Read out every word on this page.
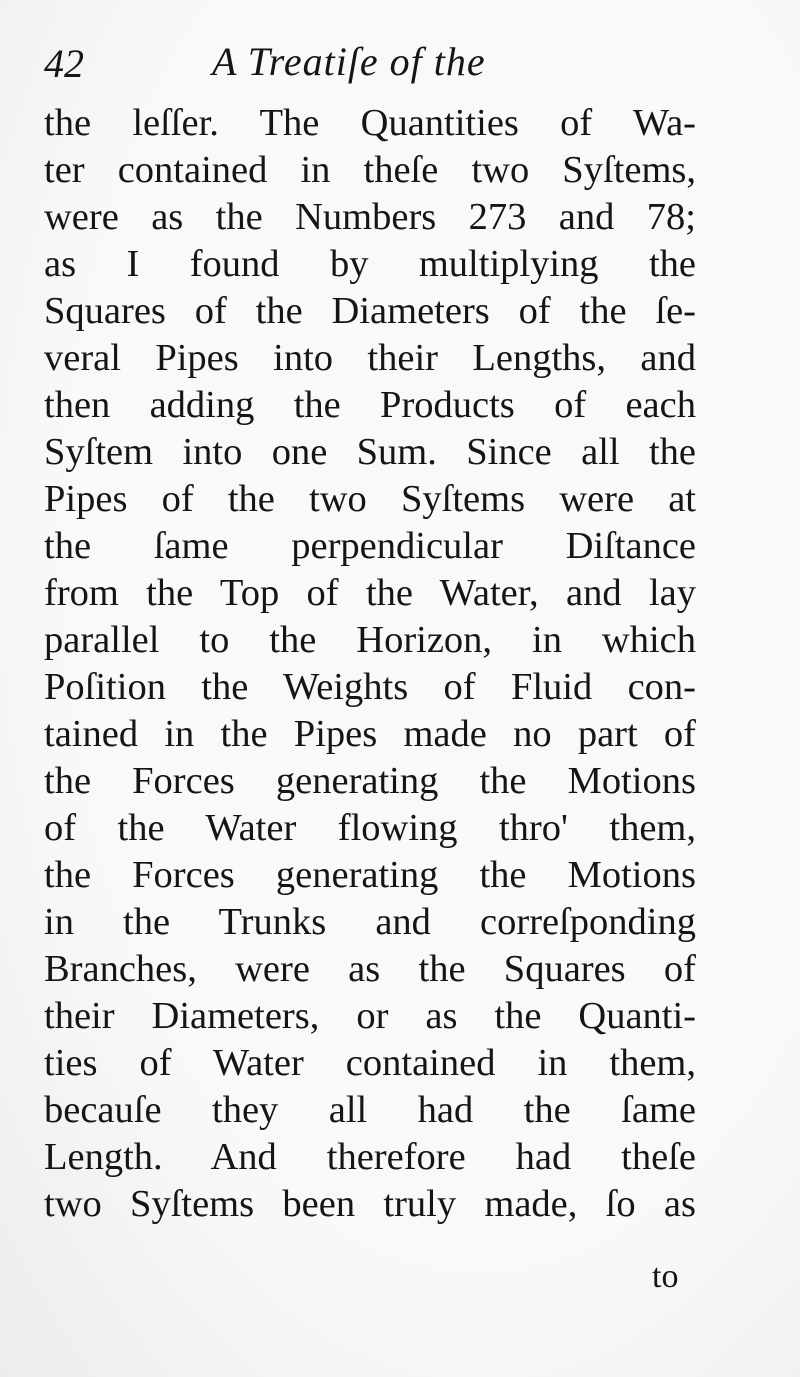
42	A Treatiſe of the
the leſſer. The Quantities of Wa-
ter contained in theſe two Syſtems,
were as the Numbers 273 and 78;
as I found by multiplying the
Squares of the Diameters of the ſe-
veral Pipes into their Lengths, and
then adding the Products of each
Syſtem into one Sum. Since all the
Pipes of the two Syſtems were at
the ſame perpendicular Diſtance
from the Top of the Water, and lay
parallel to the Horizon, in which
Poſition the Weights of Fluid con-
tained in the Pipes made no part of
the Forces generating the Motions
of the Water flowing thro' them,
the Forces generating the Motions
in the Trunks and correſponding
Branches, were as the Squares of
their Diameters, or as the Quanti-
ties of Water contained in them,
becauſe they all had the ſame
Length. And therefore had theſe
two Syſtems been truly made, ſo as
to
